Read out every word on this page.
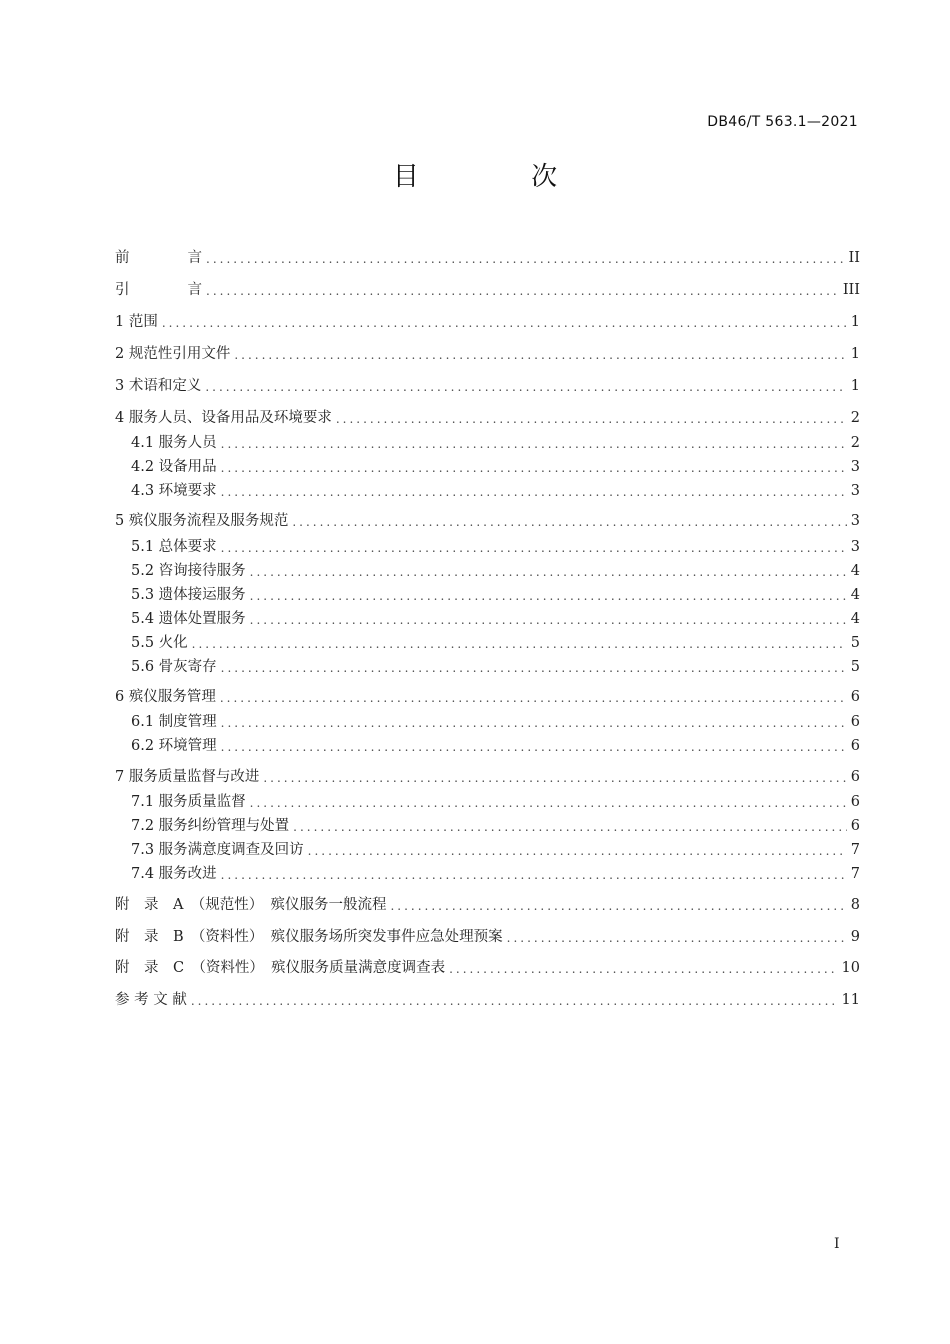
DB46/T 563.1—2021
目 次
前　　　　言 .....	II
引　　　　言 .....	III
1 范围 .....	1
2 规范性引用文件 .....	1
3 术语和定义 .....	1
4 服务人员、设备用品及环境要求 .....	2
4.1 服务人员 .....	2
4.2 设备用品 .....	3
4.3 环境要求 .....	3
5 殡仪服务流程及服务规范 .....	3
5.1 总体要求 .....	3
5.2 咨询接待服务 .....	4
5.3 遗体接运服务 .....	4
5.4 遗体处置服务 .....	4
5.5 火化 .....	5
5.6 骨灰寄存 .....	5
6 殡仪服务管理 .....	6
6.1 制度管理 .....	6
6.2 环境管理 .....	6
7 服务质量监督与改进 .....	6
7.1 服务质量监督 .....	6
7.2 服务纠纷管理与处置 .....	6
7.3 服务满意度调查及回访 .....	7
7.4 服务改进 .....	7
附　录　A　（规范性）　殡仪服务一般流程 .....	8
附　录　B　（资料性）　殡仪服务场所突发事件应急处理预案 .....	9
附　录　C　（资料性）　殡仪服务质量满意度调查表 .....	10
参 考 文 献 .....	11
I
